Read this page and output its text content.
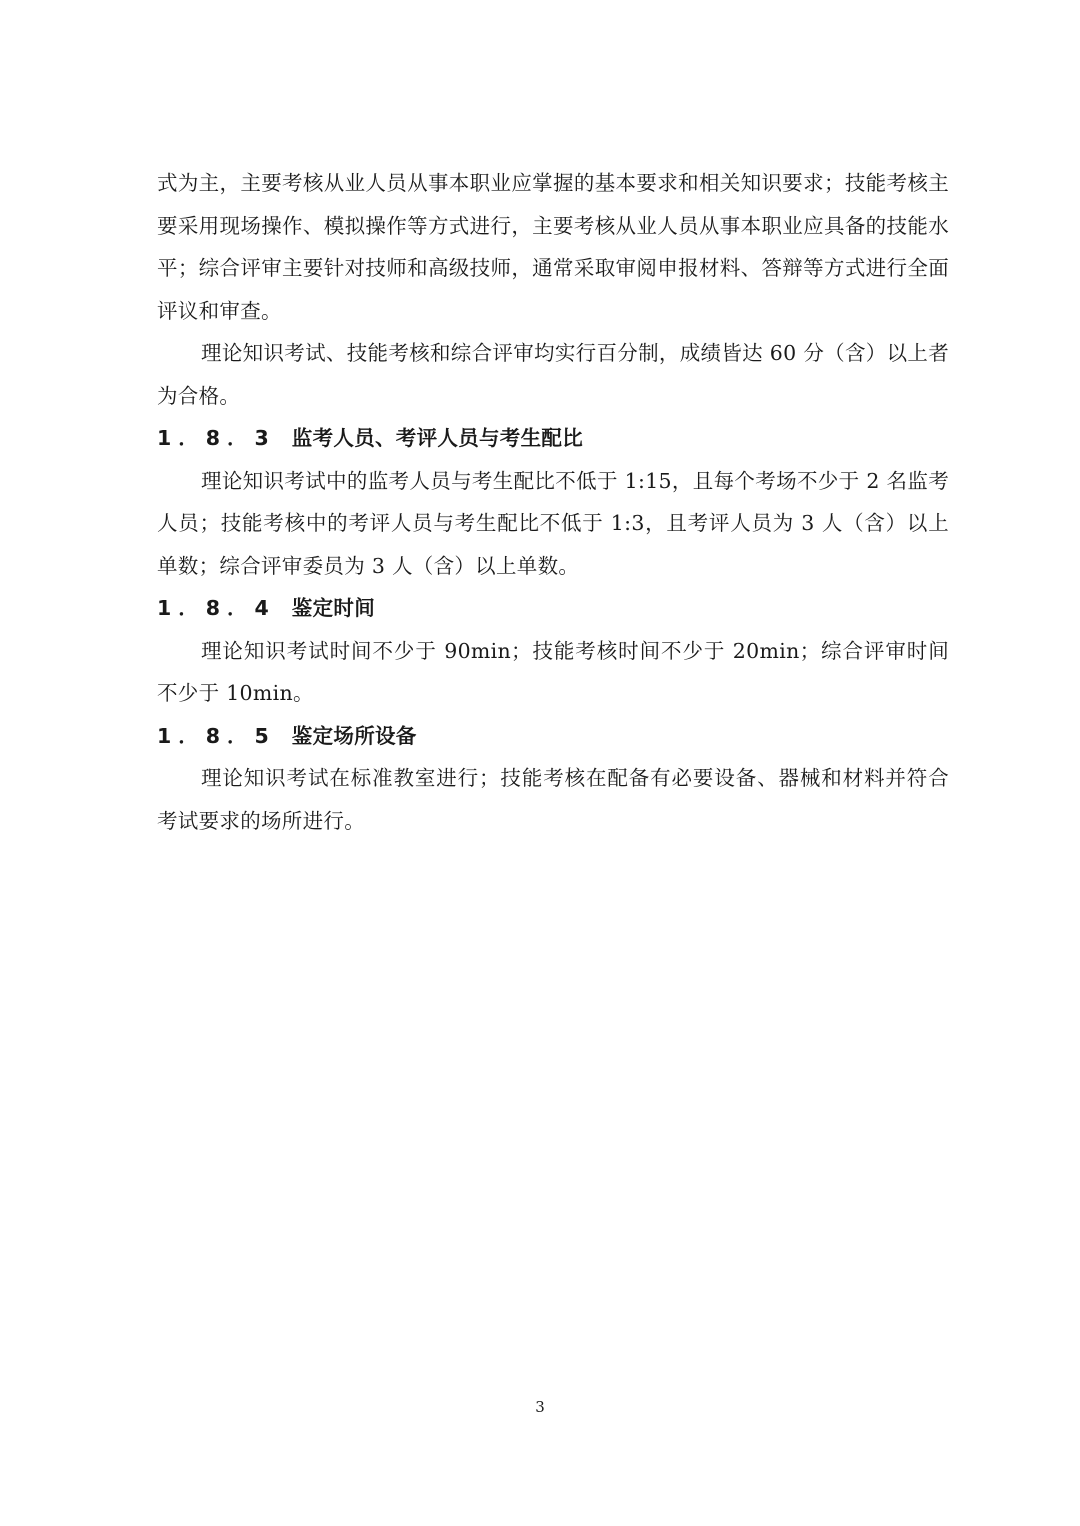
式为主，主要考核从业人员从事本职业应掌握的基本要求和相关知识要求；技能考核主要采用现场操作、模拟操作等方式进行，主要考核从业人员从事本职业应具备的技能水平；综合评审主要针对技师和高级技师，通常采取审阅申报材料、答辩等方式进行全面评议和审查。

理论知识考试、技能考核和综合评审均实行百分制，成绩皆达 60 分（含）以上者为合格。

1．8．3 监考人员、考评人员与考生配比

理论知识考试中的监考人员与考生配比不低于 1:15，且每个考场不少于 2 名监考人员；技能考核中的考评人员与考生配比不低于 1:3，且考评人员为 3 人（含）以上单数；综合评审委员为 3 人（含）以上单数。

1．8．4 鉴定时间

理论知识考试时间不少于 90min；技能考核时间不少于 20min；综合评审时间不少于 10min。

1．8．5 鉴定场所设备

理论知识考试在标准教室进行；技能考核在配备有必要设备、器械和材料并符合考试要求的场所进行。

3
